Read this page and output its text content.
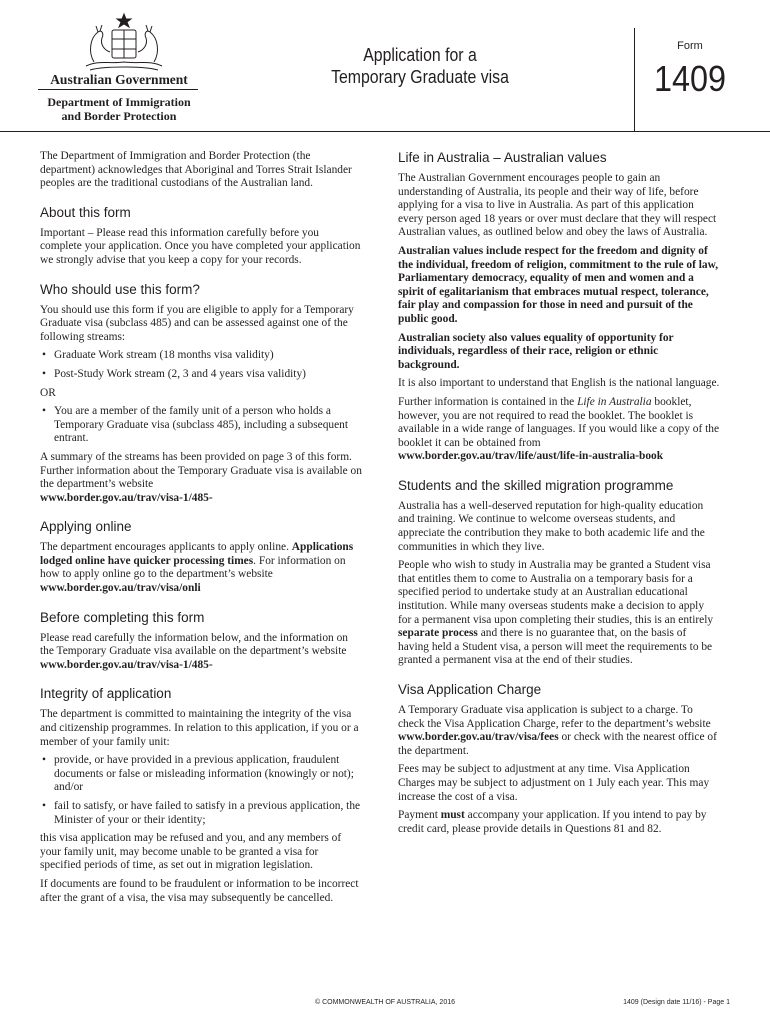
Australian Government
Department of Immigration and Border Protection
Application for a
Temporary Graduate visa
Form
1409

The Department of Immigration and Border Protection (the department) acknowledges that Aboriginal and Torres Strait Islander peoples are the traditional custodians of the Australian land.

About this form

Important – Please read this information carefully before you complete your application. Once you have completed your application we strongly advise that you keep a copy for your records.

Who should use this form?

You should use this form if you are eligible to apply for a Temporary Graduate visa (subclass 485) and can be assessed against one of the following streams:

• Graduate Work stream (18 months visa validity)
• Post-Study Work stream (2, 3 and 4 years visa validity)

OR

• You are a member of the family unit of a person who holds a Temporary Graduate visa (subclass 485), including a subsequent entrant.

A summary of the streams has been provided on page 3 of this form. Further information about the Temporary Graduate visa is available on the department’s website
www.border.gov.au/trav/visa-1/485-

Applying online

The department encourages applicants to apply online. Applications lodged online have quicker processing times. For information on how to apply online go to the department’s website www.border.gov.au/trav/visa/onli

Before completing this form

Please read carefully the information below, and the information on the Temporary Graduate visa available on the department’s website www.border.gov.au/trav/visa-1/485-

Integrity of application

The department is committed to maintaining the integrity of the visa and citizenship programmes. In relation to this application, if you or a member of your family unit:

• provide, or have provided in a previous application, fraudulent documents or false or misleading information (knowingly or not); and/or
• fail to satisfy, or have failed to satisfy in a previous application, the Minister of your or their identity;

this visa application may be refused and you, and any members of your family unit, may become unable to be granted a visa for specified periods of time, as set out in migration legislation.

If documents are found to be fraudulent or information to be incorrect after the grant of a visa, the visa may subsequently be cancelled.

Life in Australia – Australian values

The Australian Government encourages people to gain an understanding of Australia, its people and their way of life, before applying for a visa to live in Australia. As part of this application every person aged 18 years or over must declare that they will respect Australian values, as outlined below and obey the laws of Australia.

Australian values include respect for the freedom and dignity of the individual, freedom of religion, commitment to the rule of law, Parliamentary democracy, equality of men and women and a spirit of egalitarianism that embraces mutual respect, tolerance, fair play and compassion for those in need and pursuit of the public good.

Australian society also values equality of opportunity for individuals, regardless of their race, religion or ethnic background.

It is also important to understand that English is the national language.

Further information is contained in the Life in Australia booklet, however, you are not required to read the booklet. The booklet is available in a wide range of languages. If you would like a copy of the booklet it can be obtained from www.border.gov.au/trav/life/aust/life-in-australia-book

Students and the skilled migration programme

Australia has a well-deserved reputation for high-quality education and training. We continue to welcome overseas students, and appreciate the contribution they make to both academic life and the communities in which they live.

People who wish to study in Australia may be granted a Student visa that entitles them to come to Australia on a temporary basis for a specified period to undertake study at an Australian educational institution. While many overseas students make a decision to apply for a permanent visa upon completing their studies, this is an entirely separate process and there is no guarantee that, on the basis of having held a Student visa, a person will meet the requirements to be granted a permanent visa at the end of their studies.

Visa Application Charge

A Temporary Graduate visa application is subject to a charge. To check the Visa Application Charge, refer to the department’s website www.border.gov.au/trav/visa/fees or check with the nearest office of the department.

Fees may be subject to adjustment at any time. Visa Application Charges may be subject to adjustment on 1 July each year. This may increase the cost of a visa.

Payment must accompany your application. If you intend to pay by credit card, please provide details in Questions 81 and 82.

© COMMONWEALTH OF AUSTRALIA, 2016	1409 (Design date 11/16) - Page 1
